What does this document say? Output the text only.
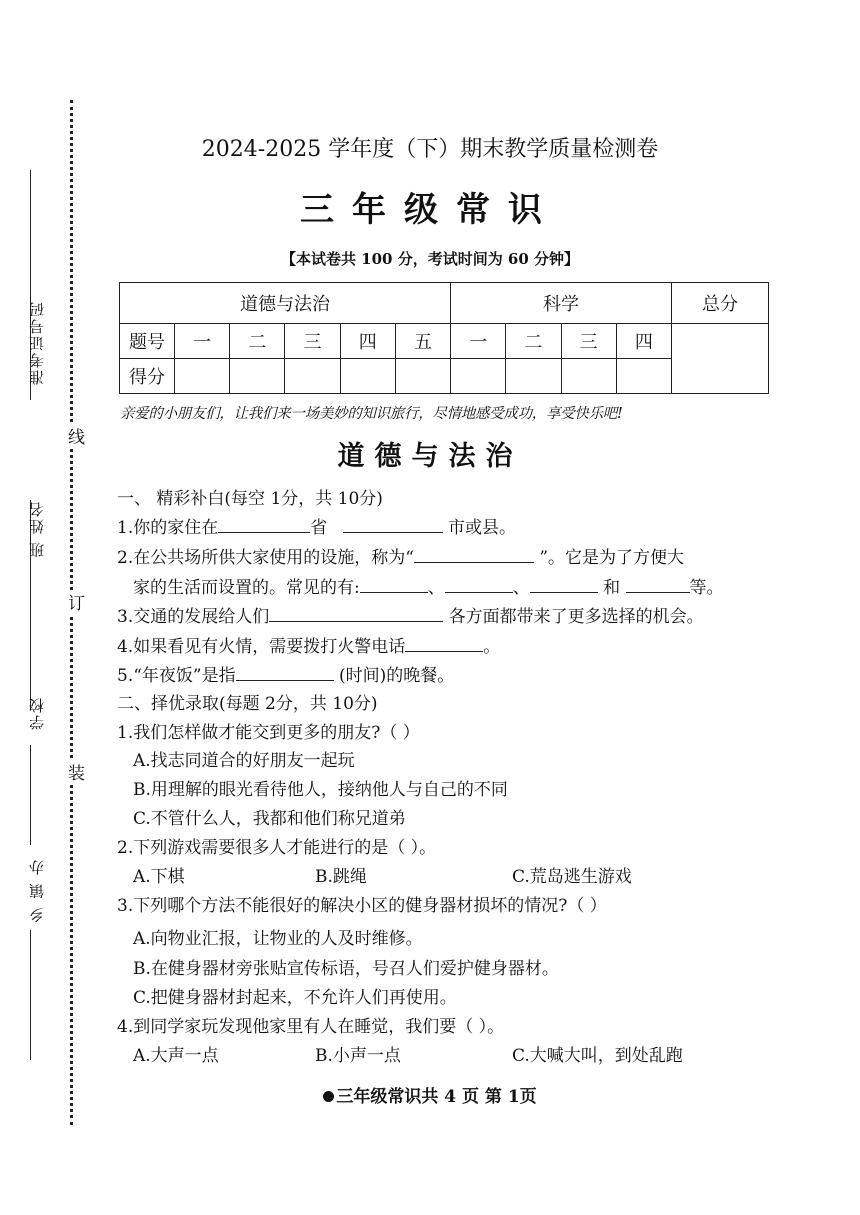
准考证号码
班 姓名
学校
乡 镇 办
线
订
装
2024-2025 学年度（下）期末教学质量检测卷
三年级常识
【本试卷共 100 分，考试时间为 60 分钟】
道德与法治						科学				总分
题号	一	二	三	四	五	一	二	三	四	
得分										
亲爱的小朋友们，让我们来一场美妙的知识旅行，尽情地感受成功，享受快乐吧!
道德与法治
一、 精彩补白(每空 1分，共 10分)
1.你的家住在	省	市或县。
2.在公共场所供大家使用的设施，称为“	”。它是为了方便大
家的生活而设置的。常见的有:	、	、	和	等。
3.交通的发展给人们	各方面都带来了更多选择的机会。
4.如果看见有火情，需要拨打火警电话	。
5.“年夜饭”是指	(时间)的晚餐。
二、择优录取(每题 2分，共 10分)
1.我们怎样做才能交到更多的朋友?（ ）
A.找志同道合的好朋友一起玩
B.用理解的眼光看待他人，接纳他人与自己的不同
C.不管什么人，我都和他们称兄道弟
2.下列游戏需要很多人才能进行的是（ ）。
A.下棋	B.跳绳	C.荒岛逃生游戏
3.下列哪个方法不能很好的解决小区的健身器材损坏的情况?（ ）
A.向物业汇报，让物业的人及时维修。
B.在健身器材旁张贴宣传标语，号召人们爱护健身器材。
C.把健身器材封起来，不允许人们再使用。
4.到同学家玩发现他家里有人在睡觉，我们要（ ）。
A.大声一点	B.小声一点	C.大喊大叫，到处乱跑
三年级常识共 4 页 第 1页
